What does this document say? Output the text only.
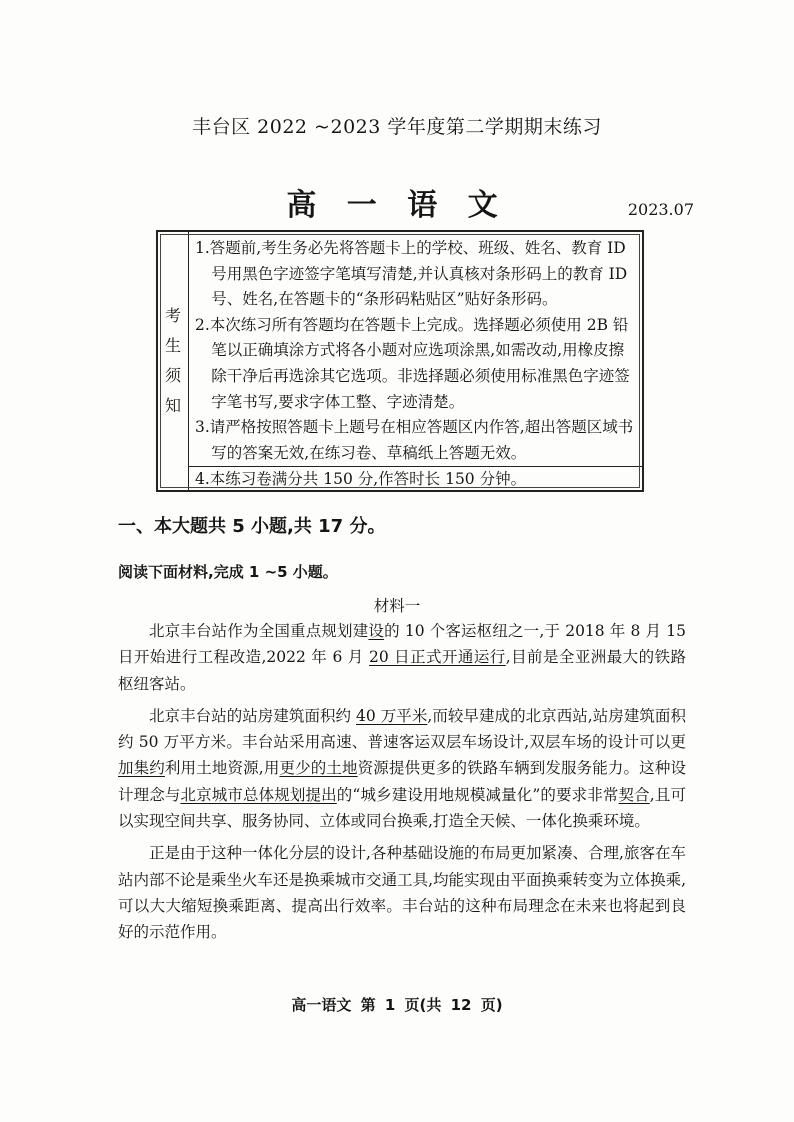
丰台区 2022 ~2023 学年度第二学期期末练习
高 一 语 文	2023.07
考
生
须
知
1.答题前,考生务必先将答题卡上的学校、班级、姓名、教育 ID 号用黑色字迹签字笔填写清楚,并认真核对条形码上的教育 ID 号、姓名,在答题卡的“条形码粘贴区”贴好条形码。
2.本次练习所有答题均在答题卡上完成。选择题必须使用 2B 铅笔以正确填涂方式将各小题对应选项涂黑,如需改动,用橡皮擦除干净后再选涂其它选项。非选择题必须使用标准黑色字迹签字笔书写,要求字体工整、字迹清楚。
3.请严格按照答题卡上题号在相应答题区内作答,超出答题区域书写的答案无效,在练习卷、草稿纸上答题无效。
4.本练习卷满分共 150 分,作答时长 150 分钟。
一、本大题共 5 小题,共 17 分。
阅读下面材料,完成 1 ~5 小题。
材料一

北京丰台站作为全国重点规划建设的 10 个客运枢纽之一,于 2018 年 8 月 15 日开始进行工程改造,2022 年 6 月 20 日正式开通运行,目前是全亚洲最大的铁路枢纽客站。

北京丰台站的站房建筑面积约 40 万平米,而较早建成的北京西站,站房建筑面积约 50 万平方米。丰台站采用高速、普速客运双层车场设计,双层车场的设计可以更加集约利用土地资源,用更少的土地资源提供更多的铁路车辆到发服务能力。这种设计理念与北京城市总体规划提出的“城乡建设用地规模减量化”的要求非常契合,且可以实现空间共享、服务协同、立体或同台换乘,打造全天候、一体化换乘环境。

正是由于这种一体化分层的设计,各种基础设施的布局更加紧凑、合理,旅客在车站内部不论是乘坐火车还是换乘城市交通工具,均能实现由平面换乘转变为立体换乘,可以大大缩短換乘距离、提高出行效率。丰台站的这种布局理念在未来也将起到良好的示范作用。

高一语文 第 1 页(共 12 页)
